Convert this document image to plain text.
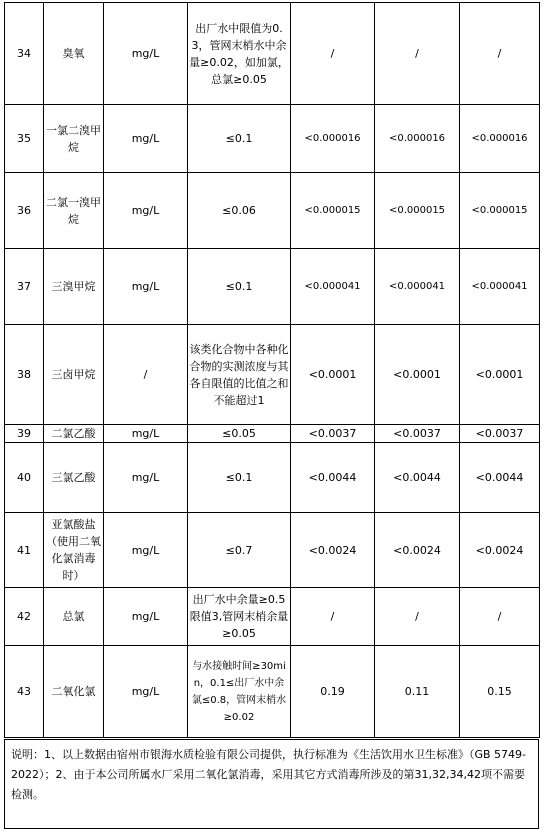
34	臭氧	mg/L	出厂水中限值为0.3，管网末梢水中余量≥0.02，如加氯，总氯≥0.05	/	/	/
35	一氯二溴甲烷	mg/L	≤0.1	<0.000016	<0.000016	<0.000016
36	二氯一溴甲烷	mg/L	≤0.06	<0.000015	<0.000015	<0.000015
37	三溴甲烷	mg/L	≤0.1	<0.000041	<0.000041	<0.000041
38	三卤甲烷	/	该类化合物中各种化合物的实测浓度与其各自限值的比值之和不能超过1	<0.0001	<0.0001	<0.0001
39	二氯乙酸	mg/L	≤0.05	<0.0037	<0.0037	<0.0037
40	三氯乙酸	mg/L	≤0.1	<0.0044	<0.0044	<0.0044
41	亚氯酸盐（使用二氧化氯消毒时）	mg/L	≤0.7	<0.0024	<0.0024	<0.0024
42	总氯	mg/L	出厂水中余量≥0.5限值3,管网末梢余量≥0.05	/	/	/
43	二氧化氯	mg/L	与水接触时间≥30min，0.1≤出厂水中余氯≤0.8，管网末梢水≥0.02	0.19	0.11	0.15
说明：1、以上数据由宿州市银海水质检验有限公司提供，执行标准为《生活饮用水卫生标准》（GB 5749-2022）；2、由于本公司所属水厂采用二氧化氯消毒，采用其它方式消毒所涉及的第31,32,34,42项不需要检测。
